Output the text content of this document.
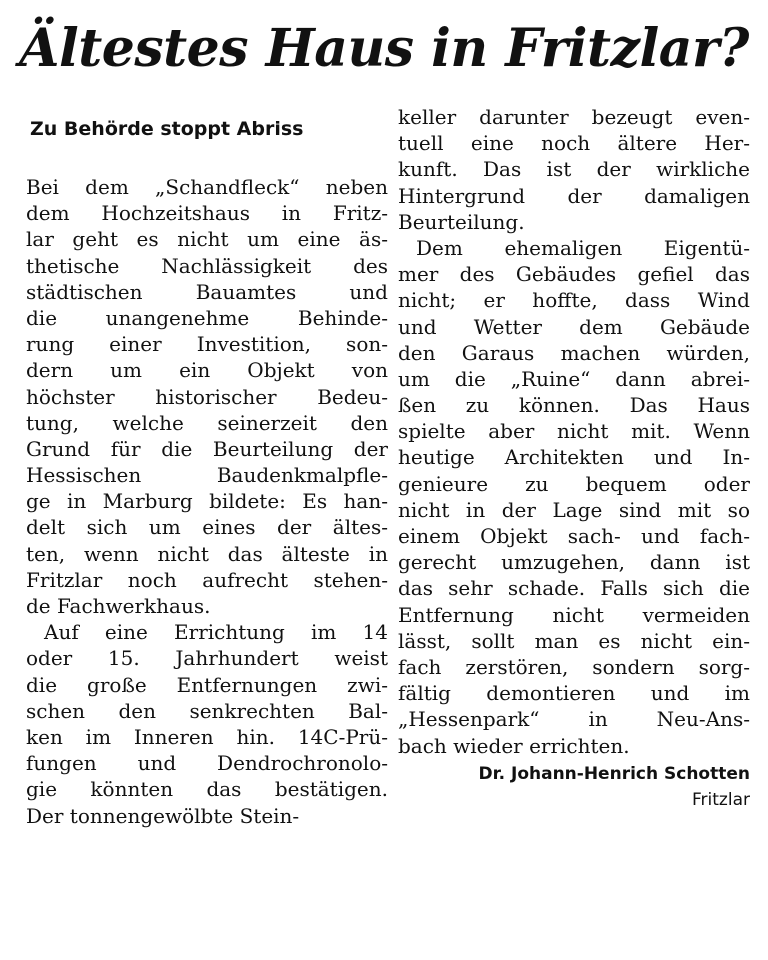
Ältestes Haus in Fritzlar?
Zu Behörde stoppt Abriss
Bei dem „Schandfleck“ neben
dem Hochzeitshaus in Fritz-
lar geht es nicht um eine äs-
thetische Nachlässigkeit des
städtischen Bauamtes und
die unangenehme Behinde-
rung einer Investition, son-
dern um ein Objekt von
höchster historischer Bedeu-
tung, welche seinerzeit den
Grund für die Beurteilung der
Hessischen Baudenkmalpfle-
ge in Marburg bildete: Es han-
delt sich um eines der ältes-
ten, wenn nicht das älteste in
Fritzlar noch aufrecht stehen-
de Fachwerkhaus.
Auf eine Errichtung im 14
oder 15. Jahrhundert weist
die große Entfernungen zwi-
schen den senkrechten Bal-
ken im Inneren hin. 14C-Prü-
fungen und Dendrochronolo-
gie könnten das bestätigen.
Der tonnengewölbte Stein-
keller darunter bezeugt even-
tuell eine noch ältere Her-
kunft. Das ist der wirkliche
Hintergrund der damaligen
Beurteilung.
Dem ehemaligen Eigentü-
mer des Gebäudes gefiel das
nicht; er hoffte, dass Wind
und Wetter dem Gebäude
den Garaus machen würden,
um die „Ruine“ dann abrei-
ßen zu können. Das Haus
spielte aber nicht mit. Wenn
heutige Architekten und In-
genieure zu bequem oder
nicht in der Lage sind mit so
einem Objekt sach- und fach-
gerecht umzugehen, dann ist
das sehr schade. Falls sich die
Entfernung nicht vermeiden
lässt, sollt man es nicht ein-
fach zerstören, sondern sorg-
fältig demontieren und im
„Hessenpark“ in Neu-Ans-
bach wieder errichten.
Dr. Johann-Henrich Schotten
Fritzlar
